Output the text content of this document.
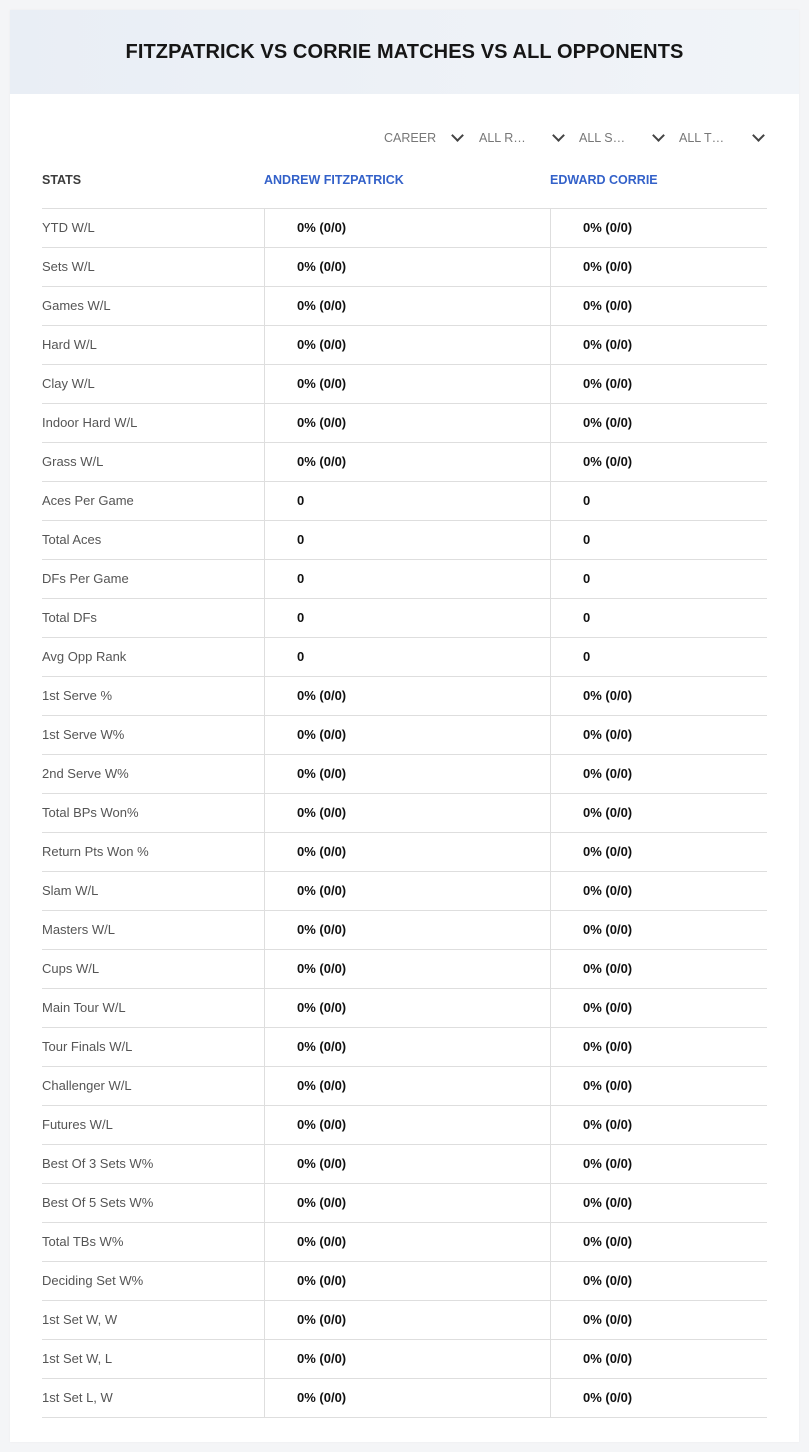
FITZPATRICK VS CORRIE MATCHES VS ALL OPPONENTS
CAREER	ALL R…	ALL S…	ALL T…
STATS	ANDREW FITZPATRICK	EDWARD CORRIE
YTD W/L	0% (0/0)	0% (0/0)
Sets W/L	0% (0/0)	0% (0/0)
Games W/L	0% (0/0)	0% (0/0)
Hard W/L	0% (0/0)	0% (0/0)
Clay W/L	0% (0/0)	0% (0/0)
Indoor Hard W/L	0% (0/0)	0% (0/0)
Grass W/L	0% (0/0)	0% (0/0)
Aces Per Game	0	0
Total Aces	0	0
DFs Per Game	0	0
Total DFs	0	0
Avg Opp Rank	0	0
1st Serve %	0% (0/0)	0% (0/0)
1st Serve W%	0% (0/0)	0% (0/0)
2nd Serve W%	0% (0/0)	0% (0/0)
Total BPs Won%	0% (0/0)	0% (0/0)
Return Pts Won %	0% (0/0)	0% (0/0)
Slam W/L	0% (0/0)	0% (0/0)
Masters W/L	0% (0/0)	0% (0/0)
Cups W/L	0% (0/0)	0% (0/0)
Main Tour W/L	0% (0/0)	0% (0/0)
Tour Finals W/L	0% (0/0)	0% (0/0)
Challenger W/L	0% (0/0)	0% (0/0)
Futures W/L	0% (0/0)	0% (0/0)
Best Of 3 Sets W%	0% (0/0)	0% (0/0)
Best Of 5 Sets W%	0% (0/0)	0% (0/0)
Total TBs W%	0% (0/0)	0% (0/0)
Deciding Set W%	0% (0/0)	0% (0/0)
1st Set W, W	0% (0/0)	0% (0/0)
1st Set W, L	0% (0/0)	0% (0/0)
1st Set L, W	0% (0/0)	0% (0/0)
